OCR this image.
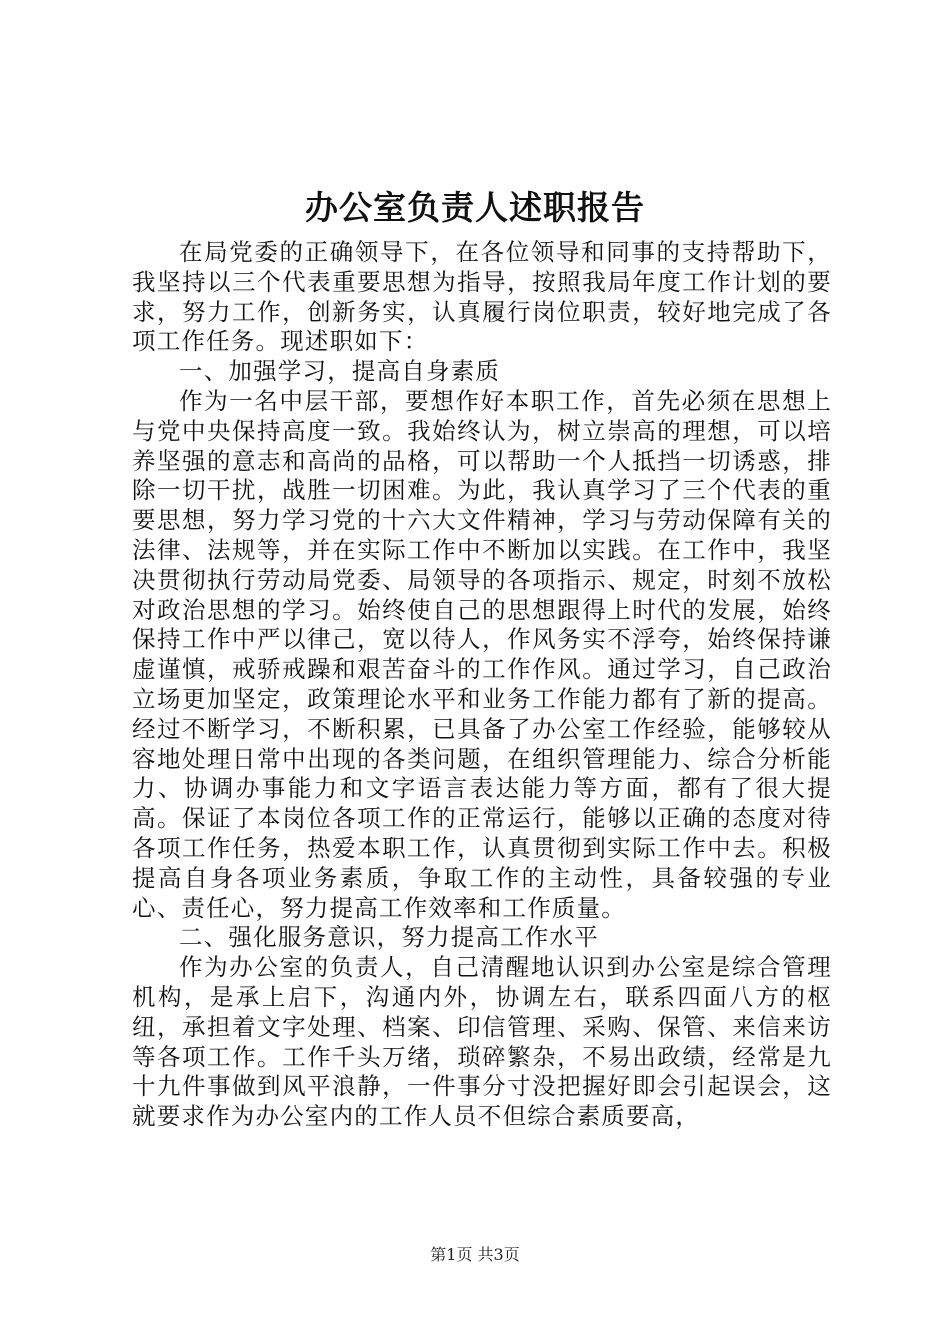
办公室负责人述职报告

在局党委的正确领导下，在各位领导和同事的支持帮助下，我坚持以三个代表重要思想为指导，按照我局年度工作计划的要求，努力工作，创新务实，认真履行岗位职责，较好地完成了各项工作任务。现述职如下：

一、加强学习，提高自身素质

作为一名中层干部，要想作好本职工作，首先必须在思想上与党中央保持高度一致。我始终认为，树立崇高的理想，可以培养坚强的意志和高尚的品格，可以帮助一个人抵挡一切诱惑，排除一切干扰，战胜一切困难。为此，我认真学习了三个代表的重要思想，努力学习党的十六大文件精神，学习与劳动保障有关的法律、法规等，并在实际工作中不断加以实践。在工作中，我坚决贯彻执行劳动局党委、局领导的各项指示、规定，时刻不放松对政治思想的学习。始终使自己的思想跟得上时代的发展，始终保持工作中严以律己，宽以待人，作风务实不浮夸，始终保持谦虚谨慎，戒骄戒躁和艰苦奋斗的工作作风。通过学习，自己政治立场更加坚定，政策理论水平和业务工作能力都有了新的提高。经过不断学习，不断积累，已具备了办公室工作经验，能够较从容地处理日常中出现的各类问题，在组织管理能力、综合分析能力、协调办事能力和文字语言表达能力等方面，都有了很大提高。保证了本岗位各项工作的正常运行，能够以正确的态度对待各项工作任务，热爱本职工作，认真贯彻到实际工作中去。积极提高自身各项业务素质，争取工作的主动性，具备较强的专业心、责任心，努力提高工作效率和工作质量。

二、强化服务意识，努力提高工作水平

作为办公室的负责人，自己清醒地认识到办公室是综合管理机构，是承上启下，沟通内外，协调左右，联系四面八方的枢纽，承担着文字处理、档案、印信管理、采购、保管、来信来访等各项工作。工作千头万绪，琐碎繁杂，不易出政绩，经常是九十九件事做到风平浪静，一件事分寸没把握好即会引起误会，这就要求作为办公室内的工作人员不但综合素质要高，

第1页 共3页
